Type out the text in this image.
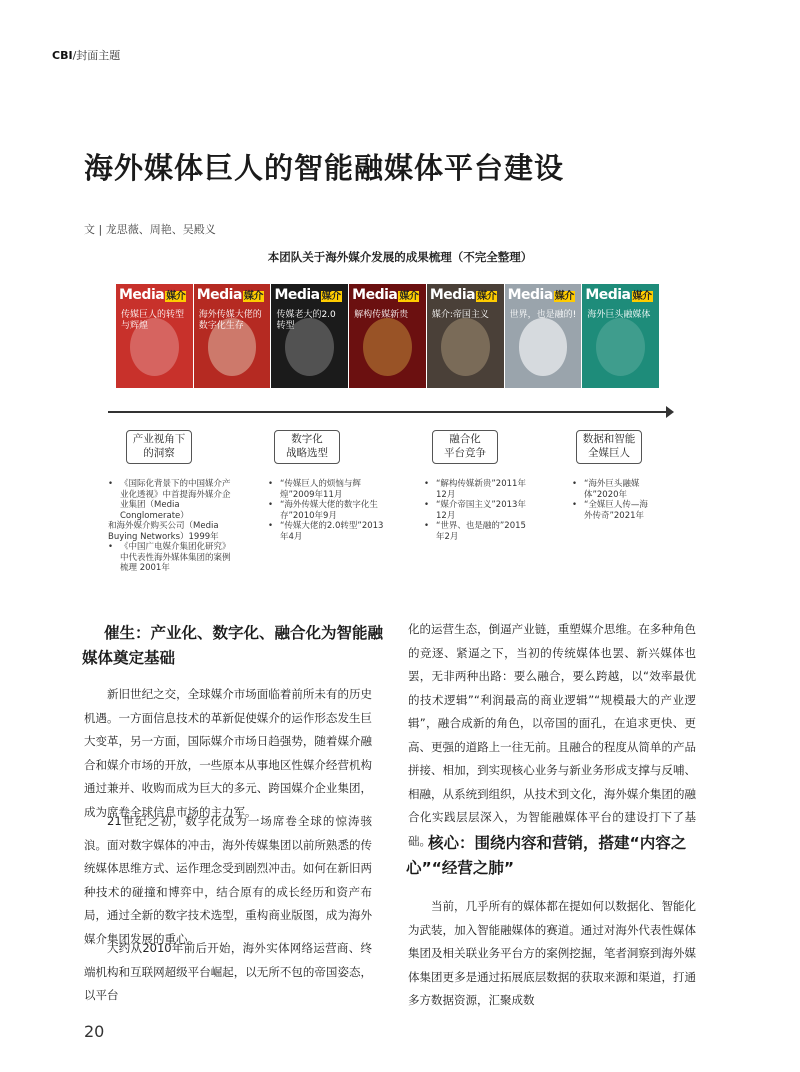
CBI/封面主题
海外媒体巨人的智能融媒体平台建设
文 | 龙思薇、周艳、吴殿义
本团队关于海外媒介发展的成果梳理（不完全整理）
Media 媒介
传媒巨人的转型与辉煌
Media 媒介
海外传媒大佬的数字化生存
Media 媒介
传媒老大的2.0转型
Media 媒介
解构传媒新贵
Media 媒介
媒介:帝国主义
Media 媒介
世界，也是融的!
Media 媒介
海外巨头融媒体
产业视角下
的洞察
数字化
战略选型
融合化
平台竞争
数据和智能
全媒巨人
• 《国际化背景下的中国媒介产业化透视》中首提海外媒介企业集团（Media Conglomerate）
和海外媒介购买公司（Media Buying Networks）1999年
• 《中国广电媒介集团化研究》中代表性海外媒体集团的案例梳理 2001年
• “传媒巨人的烦恼与辉煌”2009年11月
• “海外传媒大佬的数字化生存”2010年9月
• “传媒大佬的2.0转型”2013年4月
• “解构传媒新贵”2011年12月
• “媒介帝国主义”2013年12月
• “世界、也是融的”2015年2月
• “海外巨头融媒体”2020年
• “全媒巨人传—海外传奇”2021年
催生：产业化、数字化、融合化为智能融
媒体奠定基础
新旧世纪之交，全球媒介市场面临着前所未有的历史机遇。一方面信息技术的革新促使媒介的运作形态发生巨大变革，另一方面，国际媒介市场日趋强势，随着媒介融合和媒介市场的开放，一些原本从事地区性媒介经营机构通过兼并、收购而成为巨大的多元、跨国媒介企业集团，成为席卷全球信息市场的主力军。
21世纪之初，数字化成为一场席卷全球的惊涛骇浪。面对数字媒体的冲击，海外传媒集团以前所熟悉的传统媒体思维方式、运作理念受到剧烈冲击。如何在新旧两种技术的碰撞和博弈中，结合原有的成长经历和资产布局，通过全新的数字技术选型，重构商业版图，成为海外媒介集团发展的重心。
大约从2010年前后开始，海外实体网络运营商、终端机构和互联网超级平台崛起，以无所不包的帝国姿态，以平台
化的运营生态，倒逼产业链，重塑媒介思维。在多种角色的竞逐、紧逼之下，当初的传统媒体也罢、新兴媒体也罢，无非两种出路：要么融合，要么跨越，以“效率最优的技术逻辑”“利润最高的商业逻辑”“规模最大的产业逻辑”，融合成新的角色，以帝国的面孔，在追求更快、更高、更强的道路上一往无前。且融合的程度从简单的产品拼接、相加，到实现核心业务与新业务形成支撑与反哺、相融，从系统到组织，从技术到文化，海外媒介集团的融合化实践层层深入，为智能融媒体平台的建设打下了基础。
核心：围绕内容和营销，搭建“内容之
心”“经营之肺”
当前，几乎所有的媒体都在提如何以数据化、智能化为武装，加入智能融媒体的赛道。通过对海外代表性媒体集团及相关联业务平台方的案例挖掘，笔者洞察到海外媒体集团更多是通过拓展底层数据的获取来源和渠道，打通多方数据资源，汇聚成数
20
